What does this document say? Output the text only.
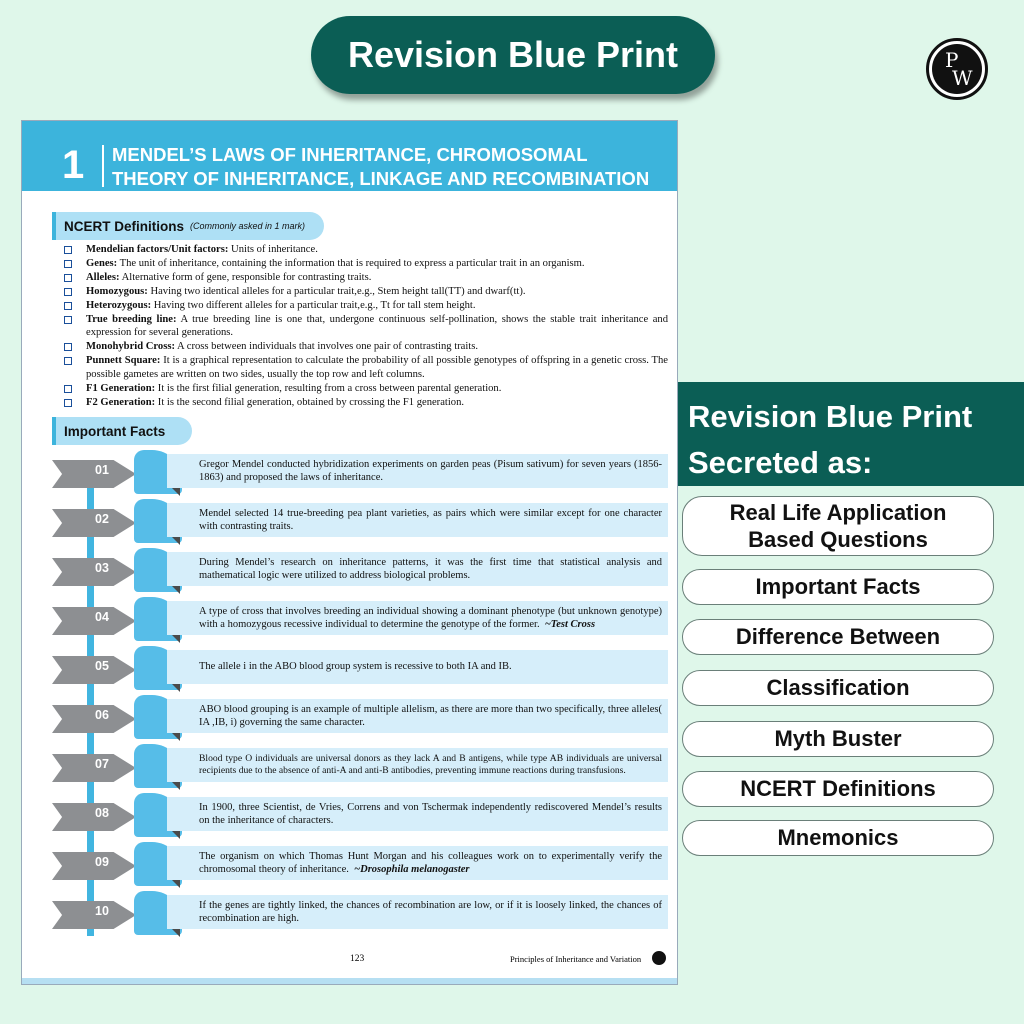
Revision Blue Print	P
W
1 MENDEL’S LAWS OF INHERITANCE, CHROMOSOMAL
THEORY OF INHERITANCE, LINKAGE AND RECOMBINATION
NCERT Definitions (Commonly asked in 1 mark)
Mendelian factors/Unit factors: Units of inheritance.
Genes: The unit of inheritance, containing the information that is required to express a particular trait in an organism.
Alleles: Alternative form of gene, responsible for contrasting traits.
Homozygous: Having two identical alleles for a particular trait,e.g., Stem height tall(TT) and dwarf(tt).
Heterozygous: Having two different alleles for a particular trait,e.g., Tt for tall stem height.
True breeding line: A true breeding line is one that, undergone continuous self-pollination, shows the stable trait inheritance and expression for several generations.
Monohybrid Cross: A cross between individuals that involves one pair of contrasting traits.
Punnett Square: It is a graphical representation to calculate the probability of all possible genotypes of offspring in a genetic cross. The possible gametes are written on two sides, usually the top row and left columns.
F1 Generation: It is the first filial generation, resulting from a cross between parental generation.
F2 Generation: It is the second filial generation, obtained by crossing the F1 generation.
Important Facts
01	Gregor Mendel conducted hybridization experiments on garden peas (Pisum sativum) for seven years (1856-1863) and proposed the laws of inheritance.
02	Mendel selected 14 true-breeding pea plant varieties, as pairs which were similar except for one character with contrasting traits.
03	During Mendel’s research on inheritance patterns, it was the first time that statistical analysis and mathematical logic were utilized to address biological problems.
04	A type of cross that involves breeding an individual showing a dominant phenotype (but unknown genotype) with a homozygous recessive individual to determine the genotype of the former. ~Test Cross
05	The allele i in the ABO blood group system is recessive to both IA and IB.
06	ABO blood grouping is an example of multiple allelism, as there are more than two specifically, three alleles( IA ,IB, i) governing the same character.
07	Blood type O individuals are universal donors as they lack A and B antigens, while type AB individuals are universal recipients due to the absence of anti-A and anti-B antibodies, preventing immune reactions during transfusions.
08	In 1900, three Scientist, de Vries, Correns and von Tschermak independently rediscovered Mendel’s results on the inheritance of characters.
09	The organism on which Thomas Hunt Morgan and his colleagues work on to experimentally verify the chromosomal theory of inheritance. ~Drosophila melanogaster
10	If the genes are tightly linked, the chances of recombination are low, or if it is loosely linked, the chances of recombination are high.
123	Principles of Inheritance and Variation
Revision Blue Print
Secreted as:
Real Life Application Based Questions
Important Facts
Difference Between
Classification
Myth Buster
NCERT Definitions
Mnemonics
